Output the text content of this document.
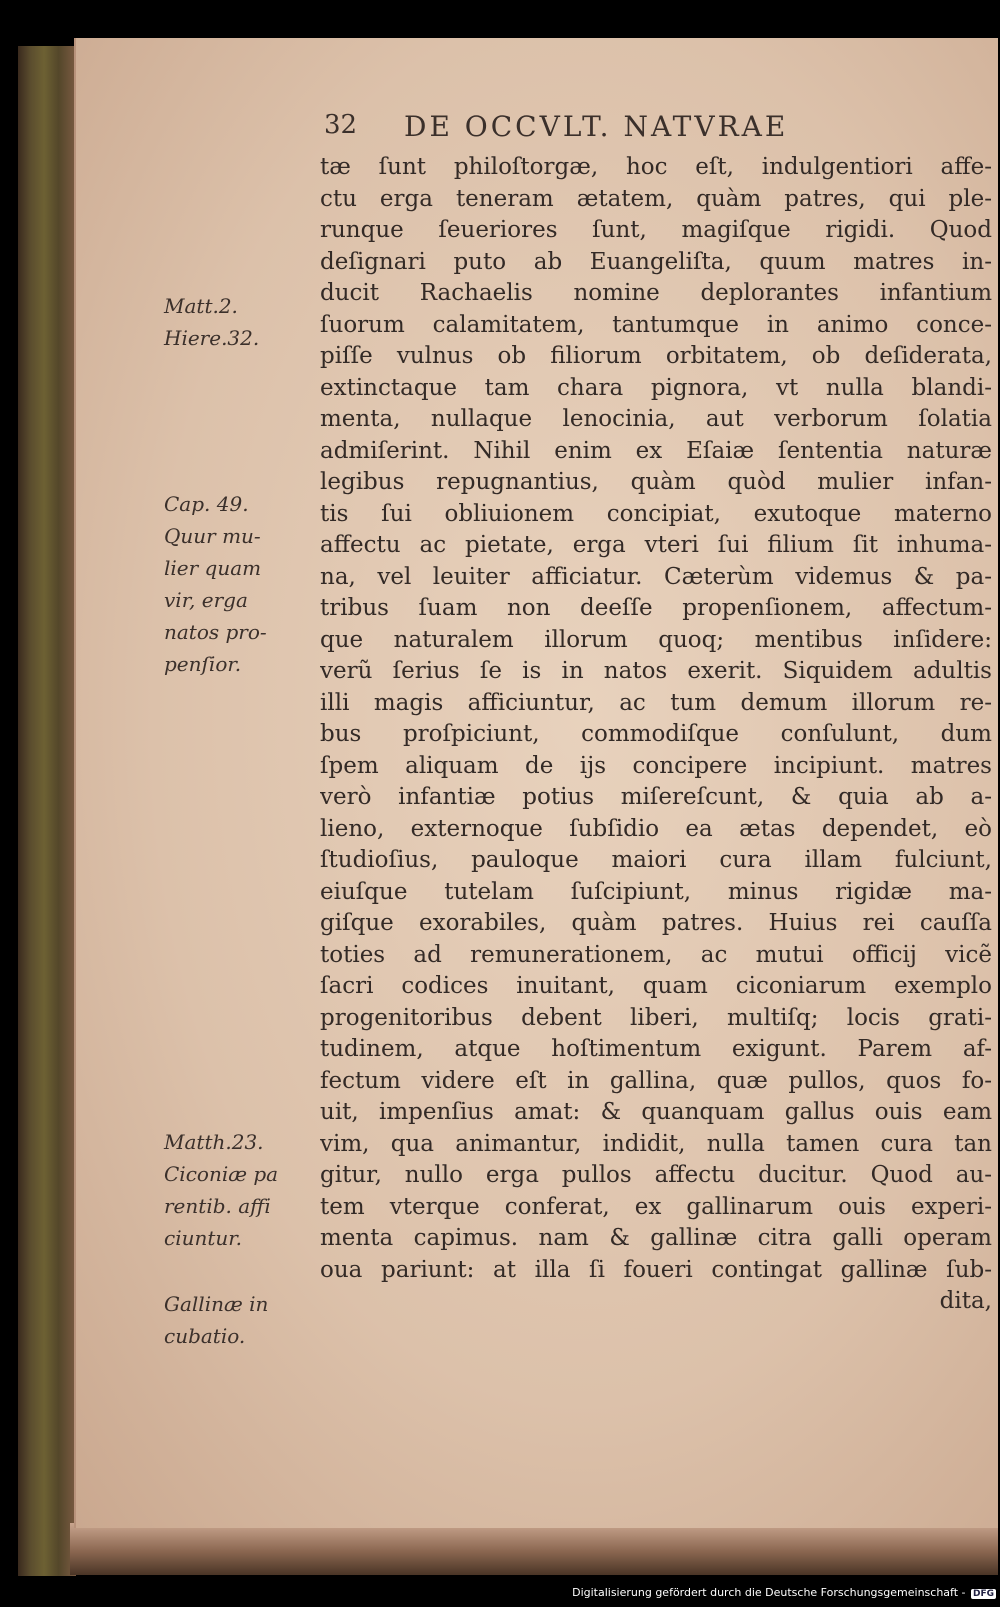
32 DE OCCVLT. NATVRAE
Matt.2.
Hiere.32.
Cap. 49.
Quur mu-
lier quam
vir, erga
natos pro-
penſior.
Matth.23.
Ciconiæ pa
rentib. affi
ciuntur.
Gallinæ in
cubatio.
tæ ſunt philoſtorgæ, hoc eſt, indulgentiori affe-
ctu erga teneram ætatem, quàm patres, qui ple-
runque ſeueriores ſunt, magiſque rigidi. Quod
deſignari puto ab Euangeliſta, quum matres in-
ducit Rachaelis nomine deplorantes infantium
ſuorum calamitatem, tantumque in animo conce-
piſſe vulnus ob filiorum orbitatem, ob deſiderata,
extinctaque tam chara pignora, vt nulla blandi-
menta, nullaque lenocinia, aut verborum ſolatia
admiſerint. Nihil enim ex Eſaiæ ſententia naturæ
legibus repugnantius, quàm quòd mulier infan-
tis ſui obliuionem concipiat, exutoque materno
affectu ac pietate, erga vteri ſui filium ſit inhuma-
na, vel leuiter afficiatur. Cæterùm videmus & pa-
tribus ſuam non deeſſe propenſionem, affectum-
que naturalem illorum quoq; mentibus inſidere:
verũ ſerius ſe is in natos exerit. Siquidem adultis
illi magis afficiuntur, ac tum demum illorum re-
bus proſpiciunt, commodiſque conſulunt, dum
ſpem aliquam de ijs concipere incipiunt. matres
verò infantiæ potius miſereſcunt, & quia ab a-
lieno, externoque ſubſidio ea ætas dependet, eò
ſtudioſius, pauloque maiori cura illam fulciunt,
eiuſque tutelam ſuſcipiunt, minus rigidæ ma-
giſque exorabiles, quàm patres. Huius rei cauſſa
toties ad remunerationem, ac mutui officij vicẽ
ſacri codices inuitant, quam ciconiarum exemplo
progenitoribus debent liberi, multiſq; locis grati-
tudinem, atque hoſtimentum exigunt. Parem af-
fectum videre eſt in gallina, quæ pullos, quos fo-
uit, impenſius amat: & quanquam gallus ouis eam
vim, qua animantur, indidit, nulla tamen cura tan
gitur, nullo erga pullos affectu ducitur. Quod au-
tem vterque conferat, ex gallinarum ouis experi-
menta capimus. nam & gallinæ citra galli operam
oua pariunt: at illa ſi foueri contingat gallinæ ſub-
dita,
Digitalisierung gefördert durch die Deutsche Forschungsgemeinschaft - DFG
